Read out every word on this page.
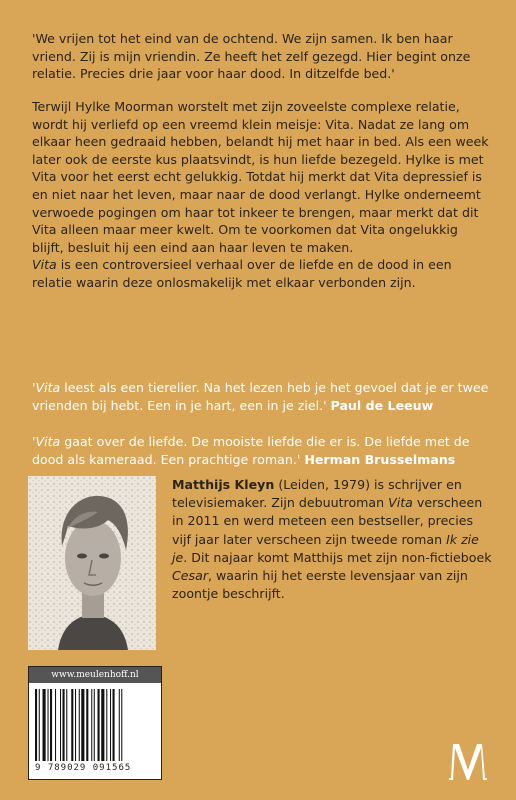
'We vrijen tot het eind van de ochtend. We zijn samen. Ik ben haar vriend. Zij is mijn vriendin. Ze heeft het zelf gezegd. Hier begint onze relatie. Precies drie jaar voor haar dood. In ditzelfde bed.'

Terwijl Hylke Moorman worstelt met zijn zoveelste complexe relatie, wordt hij verliefd op een vreemd klein meisje: Vita. Nadat ze lang om elkaar heen gedraaid hebben, belandt hij met haar in bed. Als een week later ook de eerste kus plaatsvindt, is hun liefde bezegeld. Hylke is met Vita voor het eerst echt gelukkig. Totdat hij merkt dat Vita depressief is en niet naar het leven, maar naar de dood verlangt. Hylke onderneemt verwoede pogingen om haar tot inkeer te brengen, maar merkt dat dit Vita alleen maar meer kwelt. Om te voorkomen dat Vita ongelukkig blijft, besluit hij een eind aan haar leven te maken.

Vita is een controversieel verhaal over de liefde en de dood in een relatie waarin deze onlosmakelijk met elkaar verbonden zijn.

'Vita leest als een tierelier. Na het lezen heb je het gevoel dat je er twee vrienden bij hebt. Een in je hart, een in je ziel.' Paul de Leeuw

'Vita gaat over de liefde. De mooiste liefde die er is. De liefde met de dood als kameraad. Een prachtige roman.' Herman Brusselmans

Matthijs Kleyn (Leiden, 1979) is schrijver en televisiemaker. Zijn debuutroman Vita verscheen in 2011 en werd meteen een bestseller, precies vijf jaar later verscheen zijn tweede roman Ik zie je. Dit najaar komt Matthijs met zijn non-fictieboek Cesar, waarin hij het eerste levensjaar van zijn zoontje beschrijft.

www.meulenhoff.nl
9 789029 091565
